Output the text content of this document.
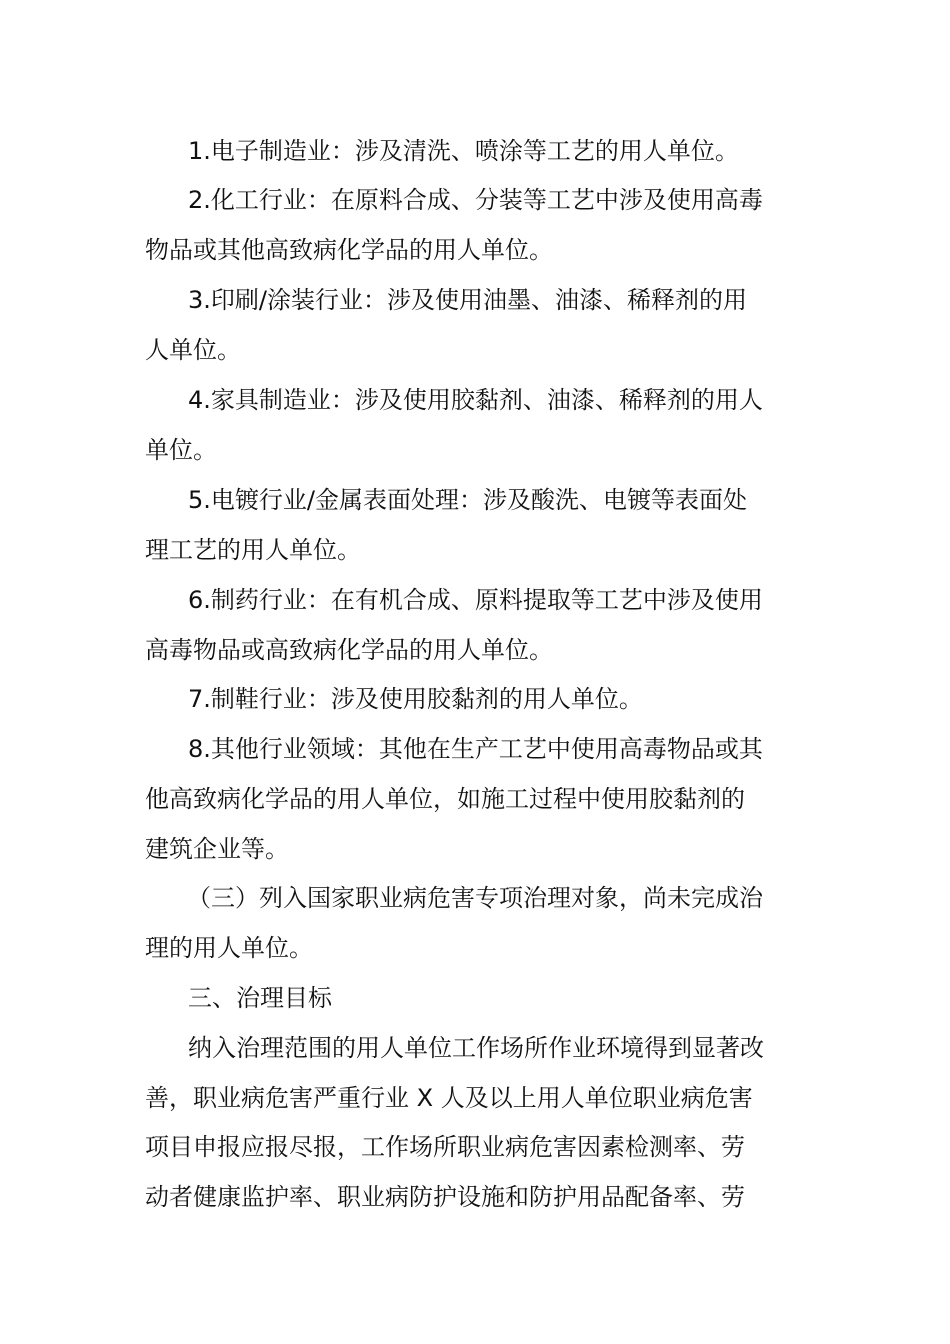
1.电子制造业：涉及清洗、喷涂等工艺的用人单位。
2.化工行业：在原料合成、分装等工艺中涉及使用高毒
物品或其他高致病化学品的用人单位。
3.印刷/涂装行业：涉及使用油墨、油漆、稀释剂的用
人单位。
4.家具制造业：涉及使用胶黏剂、油漆、稀释剂的用人
单位。
5.电镀行业/金属表面处理：涉及酸洗、电镀等表面处
理工艺的用人单位。
6.制药行业：在有机合成、原料提取等工艺中涉及使用
高毒物品或高致病化学品的用人单位。
7.制鞋行业：涉及使用胶黏剂的用人单位。
8.其他行业领域：其他在生产工艺中使用高毒物品或其
他高致病化学品的用人单位，如施工过程中使用胶黏剂的
建筑企业等。
（三）列入国家职业病危害专项治理对象，尚未完成治
理的用人单位。
三、治理目标
纳入治理范围的用人单位工作场所作业环境得到显著改
善，职业病危害严重行业 X 人及以上用人单位职业病危害
项目申报应报尽报，工作场所职业病危害因素检测率、劳
动者健康监护率、职业病防护设施和防护用品配备率、劳
